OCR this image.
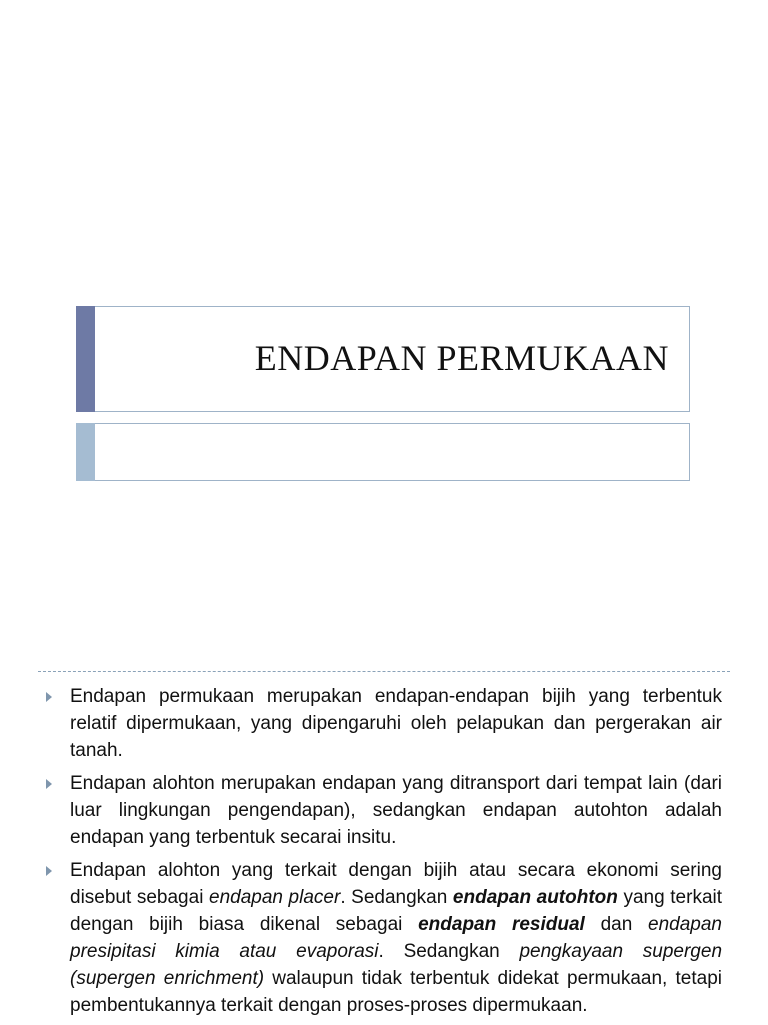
ENDAPAN PERMUKAAN
Endapan permukaan merupakan endapan-endapan bijih yang terbentuk relatif dipermukaan, yang dipengaruhi oleh pelapukan dan pergerakan air tanah.
Endapan alohton merupakan endapan yang ditransport dari tempat lain (dari luar lingkungan pengendapan), sedangkan endapan autohton adalah endapan yang terbentuk secarai insitu.
Endapan alohton yang terkait dengan bijih atau secara ekonomi sering disebut sebagai endapan placer. Sedangkan endapan autohton yang terkait dengan bijih biasa dikenal sebagai endapan residual dan endapan presipitasi kimia atau evaporasi. Sedangkan pengkayaan supergen (supergen enrichment) walaupun tidak terbentuk didekat permukaan, tetapi pembentukannya terkait dengan proses-proses dipermukaan.
